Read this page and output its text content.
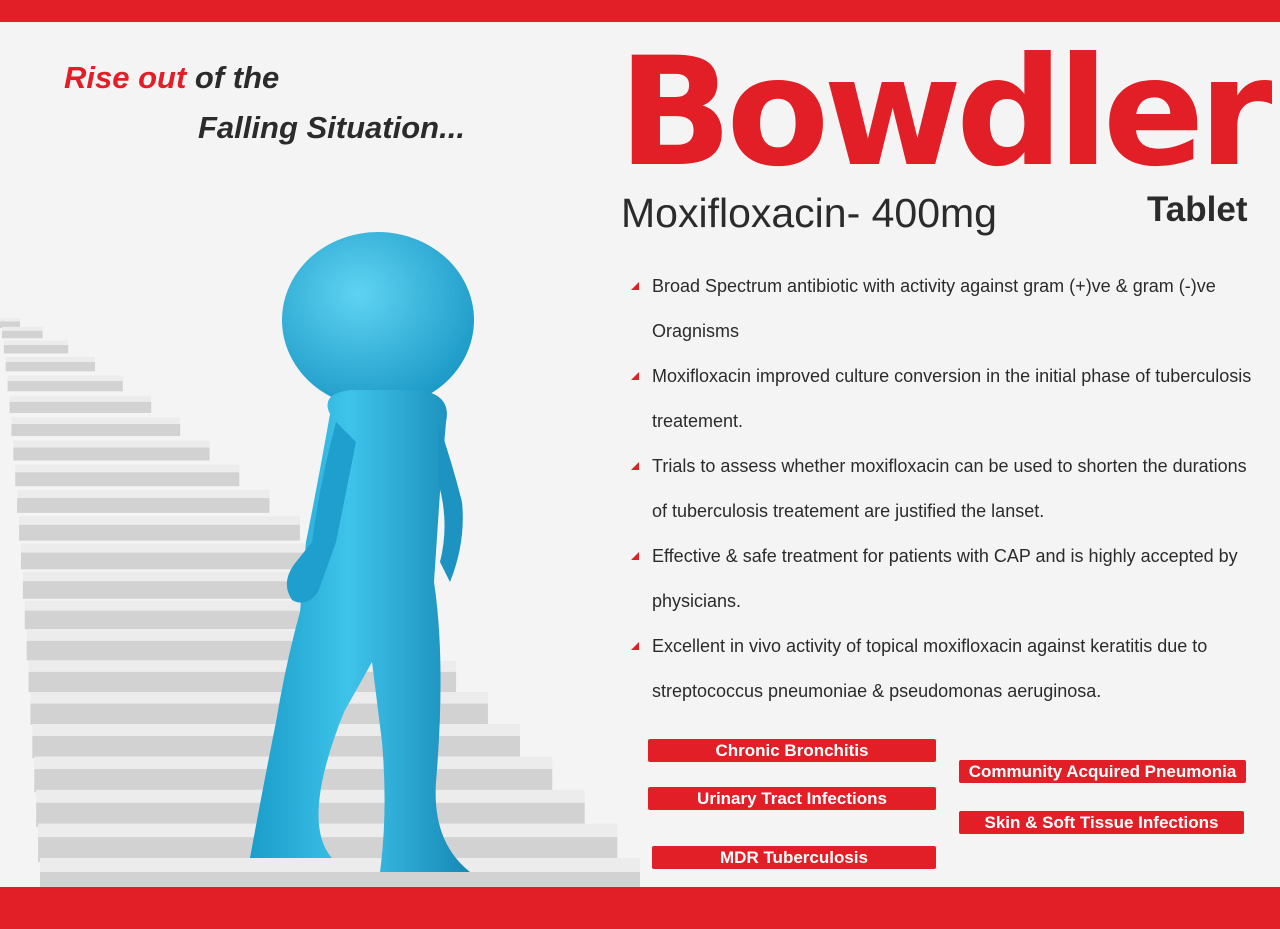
Rise out of the
Falling Situation... Bowdler
Moxifloxacin- 400mg	Tablet
Broad Spectrum antibiotic with activity against gram (+)ve & gram (-)ve Oragnisms
Moxifloxacin improved culture conversion in the initial phase of tuberculosis treatement.
Trials to assess whether moxifloxacin can be used to shorten the durations of tuberculosis treatement are justified the lanset.
Effective & safe treatment for patients with CAP and is highly accepted by physicians.
Excellent in vivo activity of topical moxifloxacin against keratitis due to streptococcus pneumoniae & pseudomonas aeruginosa.
Chronic Bronchitis
Community Acquired Pneumonia
Urinary Tract Infections
Skin & Soft Tissue Infections
MDR Tuberculosis
